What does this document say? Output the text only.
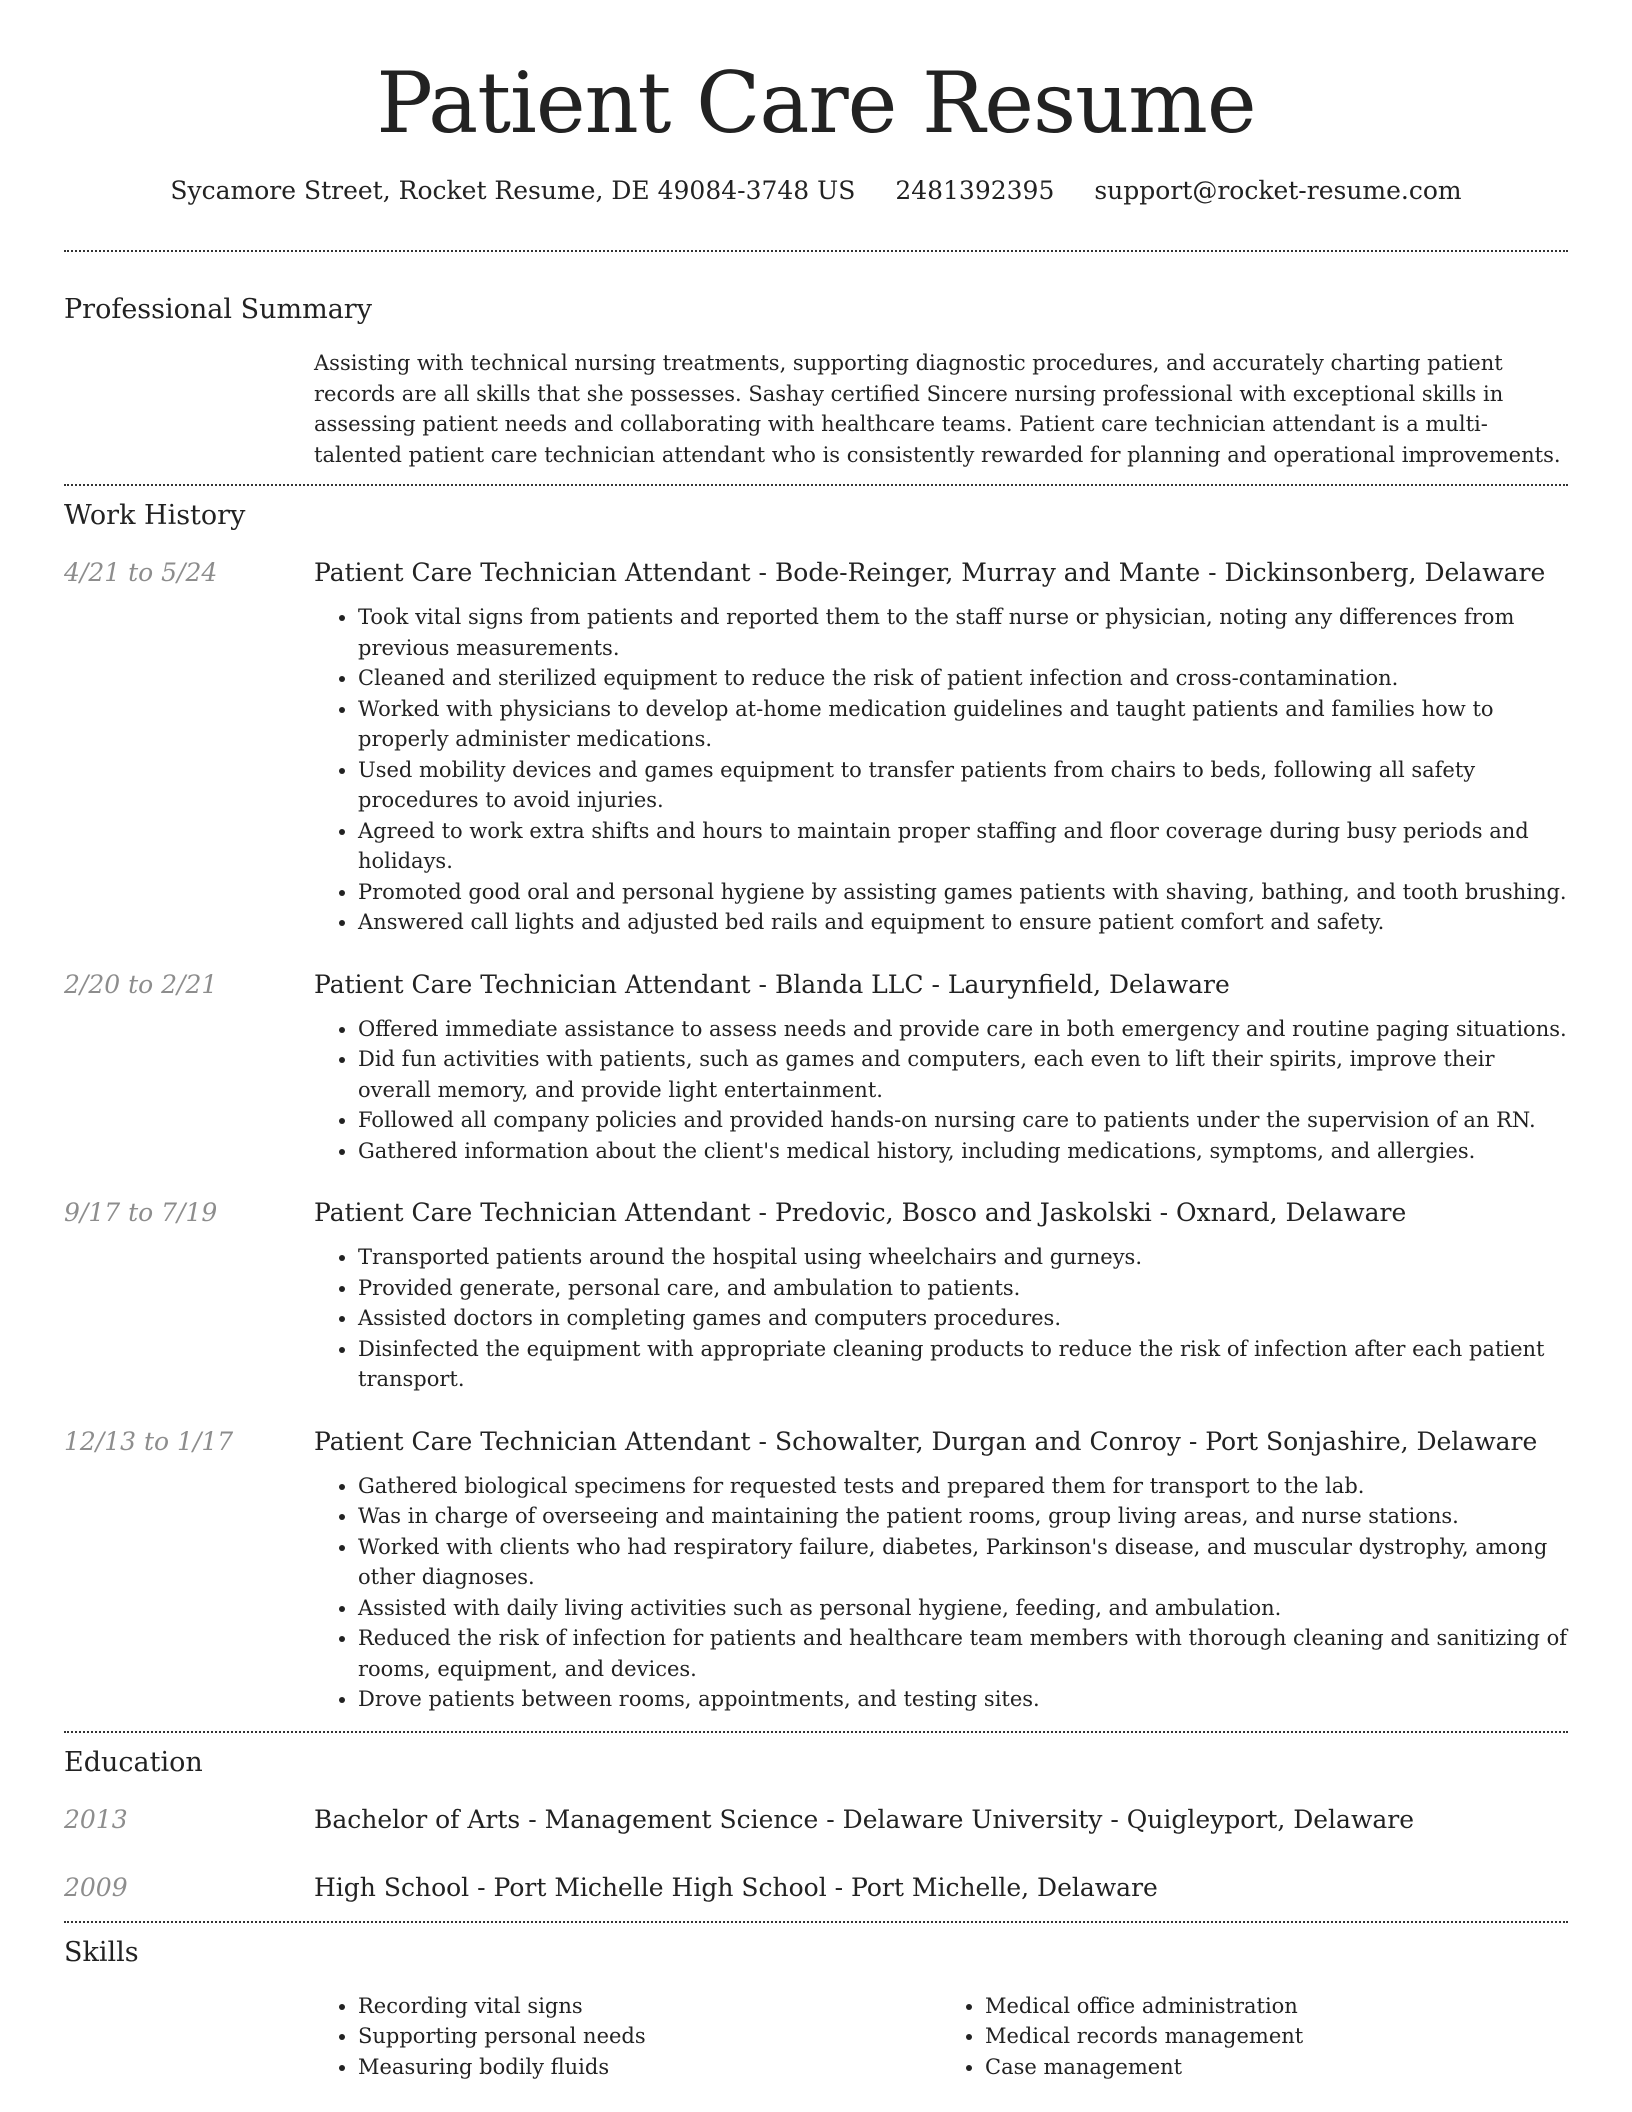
Patient Care Resume
Sycamore Street, Rocket Resume, DE 49084-3748 US 2481392395 support@rocket-resume.com
Professional Summary

Assisting with technical nursing treatments, supporting diagnostic procedures, and accurately charting patient records are all skills that she possesses. Sashay certified Sincere nursing professional with exceptional skills in assessing patient needs and collaborating with healthcare teams. Patient care technician attendant is a multi-talented patient care technician attendant who is consistently rewarded for planning and operational improvements.

Work History
4/21 to 5/24	Patient Care Technician Attendant - Bode-Reinger, Murray and Mante - Dickinsonberg, Delaware
• Took vital signs from patients and reported them to the staff nurse or physician, noting any differences from previous measurements.
• Cleaned and sterilized equipment to reduce the risk of patient infection and cross-contamination.
• Worked with physicians to develop at-home medication guidelines and taught patients and families how to properly administer medications.
• Used mobility devices and games equipment to transfer patients from chairs to beds, following all safety procedures to avoid injuries.
• Agreed to work extra shifts and hours to maintain proper staffing and floor coverage during busy periods and holidays.
• Promoted good oral and personal hygiene by assisting games patients with shaving, bathing, and tooth brushing.
• Answered call lights and adjusted bed rails and equipment to ensure patient comfort and safety.
2/20 to 2/21	Patient Care Technician Attendant - Blanda LLC - Laurynfield, Delaware
• Offered immediate assistance to assess needs and provide care in both emergency and routine paging situations.
• Did fun activities with patients, such as games and computers, each even to lift their spirits, improve their overall memory, and provide light entertainment.
• Followed all company policies and provided hands-on nursing care to patients under the supervision of an RN.
• Gathered information about the client's medical history, including medications, symptoms, and allergies.
9/17 to 7/19	Patient Care Technician Attendant - Predovic, Bosco and Jaskolski - Oxnard, Delaware
• Transported patients around the hospital using wheelchairs and gurneys.
• Provided generate, personal care, and ambulation to patients.
• Assisted doctors in completing games and computers procedures.
• Disinfected the equipment with appropriate cleaning products to reduce the risk of infection after each patient transport.
12/13 to 1/17	Patient Care Technician Attendant - Schowalter, Durgan and Conroy - Port Sonjashire, Delaware
• Gathered biological specimens for requested tests and prepared them for transport to the lab.
• Was in charge of overseeing and maintaining the patient rooms, group living areas, and nurse stations.
• Worked with clients who had respiratory failure, diabetes, Parkinson's disease, and muscular dystrophy, among other diagnoses.
• Assisted with daily living activities such as personal hygiene, feeding, and ambulation.
• Reduced the risk of infection for patients and healthcare team members with thorough cleaning and sanitizing of rooms, equipment, and devices.
• Drove patients between rooms, appointments, and testing sites.
Education
2013	Bachelor of Arts - Management Science - Delaware University - Quigleyport, Delaware
2009	High School - Port Michelle High School - Port Michelle, Delaware
Skills
• Recording vital signs
• Supporting personal needs
• Measuring bodily fluids
• Medical office administration
• Medical records management
• Case management
